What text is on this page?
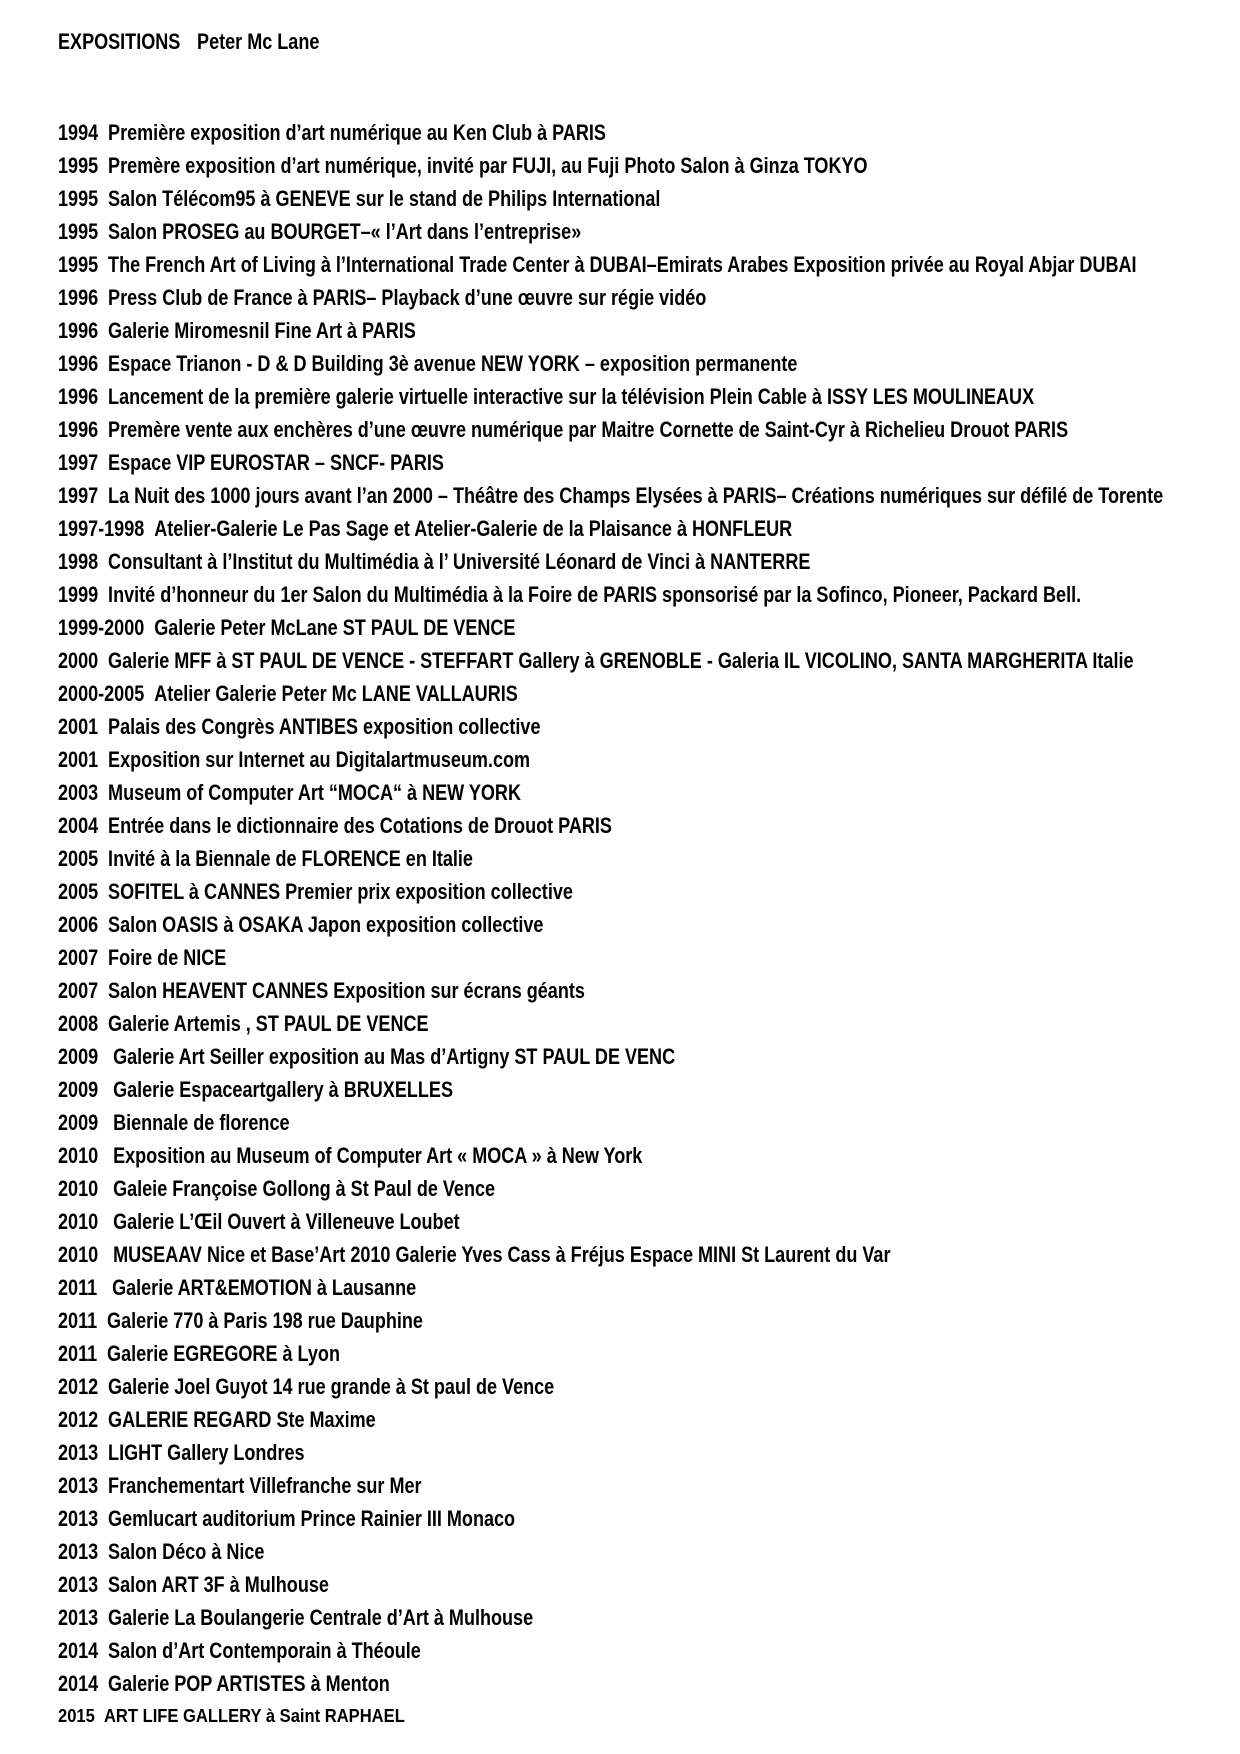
EXPOSITIONS Peter Mc Lane
1994 Première exposition d’art numérique au Ken Club à PARIS
1995 Premère exposition d’art numérique, invité par FUJI, au Fuji Photo Salon à Ginza TOKYO
1995 Salon Télécom95 à GENEVE sur le stand de Philips International
1995 Salon PROSEG au BOURGET–« l’Art dans l’entreprise»
1995 The French Art of Living à l’International Trade Center à DUBAI–Emirats Arabes Exposition privée au Royal Abjar DUBAI
1996 Press Club de France à PARIS– Playback d’une œuvre sur régie vidéo
1996 Galerie Miromesnil Fine Art à PARIS
1996 Espace Trianon - D & D Building 3è avenue NEW YORK – exposition permanente
1996 Lancement de la première galerie virtuelle interactive sur la télévision Plein Cable à ISSY LES MOULINEAUX
1996 Premère vente aux enchères d’une œuvre numérique par Maitre Cornette de Saint-Cyr à Richelieu Drouot PARIS
1997 Espace VIP EUROSTAR – SNCF- PARIS
1997 La Nuit des 1000 jours avant l’an 2000 – Théâtre des Champs Elysées à PARIS– Créations numériques sur défilé de Torente
1997-1998 Atelier-Galerie Le Pas Sage et Atelier-Galerie de la Plaisance à HONFLEUR
1998 Consultant à l’Institut du Multimédia à l’ Université Léonard de Vinci à NANTERRE
1999 Invité d’honneur du 1er Salon du Multimédia à la Foire de PARIS sponsorisé par la Sofinco, Pioneer, Packard Bell.
1999-2000 Galerie Peter McLane ST PAUL DE VENCE
2000 Galerie MFF à ST PAUL DE VENCE - STEFFART Gallery à GRENOBLE - Galeria IL VICOLINO, SANTA MARGHERITA Italie
2000-2005 Atelier Galerie Peter Mc LANE VALLAURIS
2001 Palais des Congrès ANTIBES exposition collective
2001 Exposition sur Internet au Digitalartmuseum.com
2003 Museum of Computer Art “MOCA“ à NEW YORK
2004 Entrée dans le dictionnaire des Cotations de Drouot PARIS
2005 Invité à la Biennale de FLORENCE en Italie
2005 SOFITEL à CANNES Premier prix exposition collective
2006 Salon OASIS à OSAKA Japon exposition collective
2007 Foire de NICE
2007 Salon HEAVENT CANNES Exposition sur écrans géants
2008 Galerie Artemis , ST PAUL DE VENCE
2009 Galerie Art Seiller exposition au Mas d’Artigny ST PAUL DE VENC
2009 Galerie Espaceartgallery à BRUXELLES
2009 Biennale de florence
2010 Exposition au Museum of Computer Art « MOCA » à New York
2010 Galeie Françoise Gollong à St Paul de Vence
2010 Galerie L’Œil Ouvert à Villeneuve Loubet
2010 MUSEAAV Nice et Base’Art 2010 Galerie Yves Cass à Fréjus Espace MINI St Laurent du Var
2011 Galerie ART&EMOTION à Lausanne
2011 Galerie 770 à Paris 198 rue Dauphine
2011 Galerie EGREGORE à Lyon
2012 Galerie Joel Guyot 14 rue grande à St paul de Vence
2012 GALERIE REGARD Ste Maxime
2013 LIGHT Gallery Londres
2013 Franchementart Villefranche sur Mer
2013 Gemlucart auditorium Prince Rainier III Monaco
2013 Salon Déco à Nice
2013 Salon ART 3F à Mulhouse
2013 Galerie La Boulangerie Centrale d’Art à Mulhouse
2014 Salon d’Art Contemporain à Théoule
2014 Galerie POP ARTISTES à Menton
2015 ART LIFE GALLERY à Saint RAPHAEL
